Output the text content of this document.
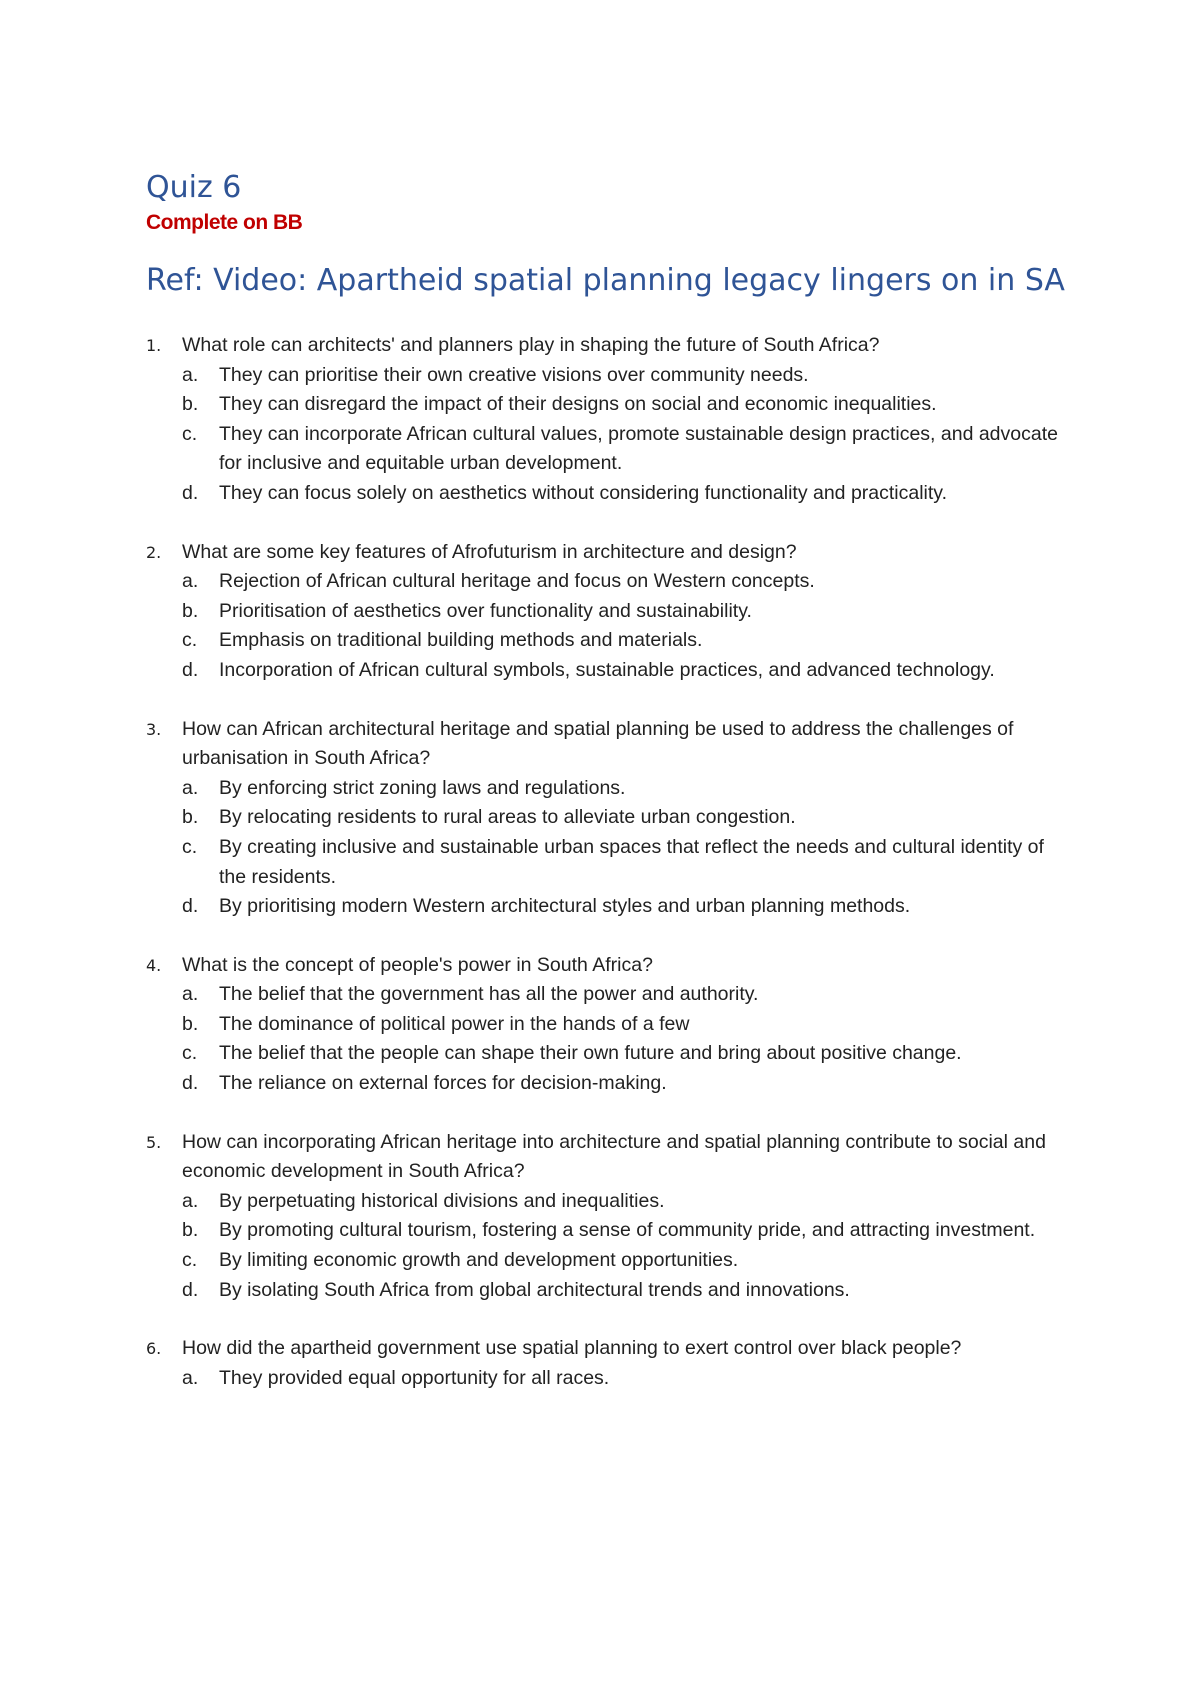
Quiz 6
Complete on BB
Ref: Video: Apartheid spatial planning legacy lingers on in SA
1.	What role can architects' and planners play in shaping the future of South Africa?
a.	They can prioritise their own creative visions over community needs.
b.	They can disregard the impact of their designs on social and economic inequalities.
c.	They can incorporate African cultural values, promote sustainable design practices, and advocate for inclusive and equitable urban development.
d.	They can focus solely on aesthetics without considering functionality and practicality.
2.	What are some key features of Afrofuturism in architecture and design?
a.	Rejection of African cultural heritage and focus on Western concepts.
b.	Prioritisation of aesthetics over functionality and sustainability.
c.	Emphasis on traditional building methods and materials.
d.	Incorporation of African cultural symbols, sustainable practices, and advanced technology.
3.	How can African architectural heritage and spatial planning be used to address the challenges of urbanisation in South Africa?
a.	By enforcing strict zoning laws and regulations.
b.	By relocating residents to rural areas to alleviate urban congestion.
c.	By creating inclusive and sustainable urban spaces that reflect the needs and cultural identity of the residents.
d.	By prioritising modern Western architectural styles and urban planning methods.
4.	What is the concept of people's power in South Africa?
a.	The belief that the government has all the power and authority.
b.	The dominance of political power in the hands of a few
c.	The belief that the people can shape their own future and bring about positive change.
d.	The reliance on external forces for decision-making.
5.	How can incorporating African heritage into architecture and spatial planning contribute to social and economic development in South Africa?
a.	By perpetuating historical divisions and inequalities.
b.	By promoting cultural tourism, fostering a sense of community pride, and attracting investment.
c.	By limiting economic growth and development opportunities.
d.	By isolating South Africa from global architectural trends and innovations.
6.	How did the apartheid government use spatial planning to exert control over black people?
a.	They provided equal opportunity for all races.
